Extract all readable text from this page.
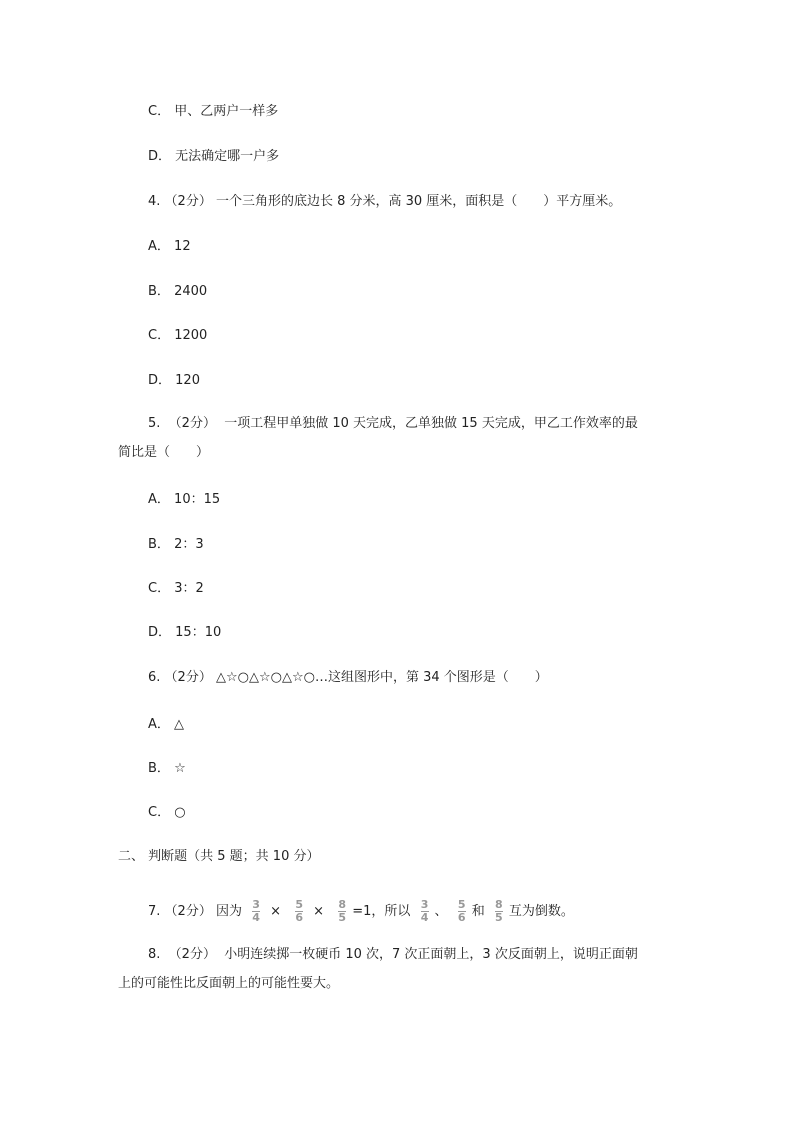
C． 甲、乙两户一样多
D． 无法确定哪一户多
4. （2分） 一个三角形的底边长 8 分米，高 30 厘米，面积是（　　）平方厘米。
A． 12
B． 2400
C． 1200
D． 120
5. （2分） 一项工程甲单独做 10 天完成，乙单独做 15 天完成，甲乙工作效率的最
简比是（　　）
A． 10：15
B． 2：3
C． 3：2
D． 15：10
6. （2分） △☆○△☆○△☆○…这组图形中，第 34 个图形是（　　）
A． △
B． ☆
C． ○
二、 判断题（共 5 题；共 10 分）
7. （2分） 因为 $\frac{3}{4} \times \frac{5}{6} \times \frac{8}{5} =1$，所以 $\frac{3}{4}$ 、 $\frac{5}{6}$ 和 $\frac{8}{5}$ 互为倒数。
8. （2分） 小明连续掷一枚硬币 10 次，7 次正面朝上，3 次反面朝上，说明正面朝
上的可能性比反面朝上的可能性要大。
